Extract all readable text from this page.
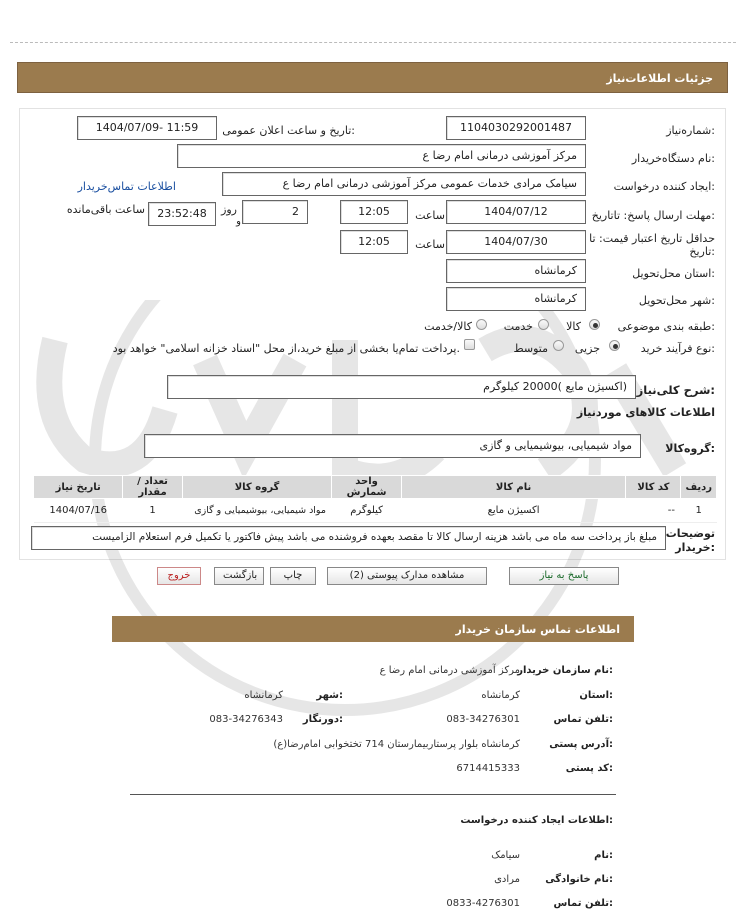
جزئیات اطلاعات‌نیاز
شماره‌نیاز:
1104030292001487
تاریخ و ساعت اعلان عمومی:
1404/07/09- 11:59
نام دستگاه‌خریدار:
مرکز آموزشی درمانی امام رضا ع
ایجاد کننده درخواست:
سیامک مرادی خدمات عمومی مرکز آموزشی درمانی امام رضا ع
اطلاعات تماس‌خریدار
مهلت ارسال پاسخ: تاتاریخ:
1404/07/12
ساعت
12:05
2
روز
و
23:52:48
ساعت باقی‌مانده
حداقل تاریخ اعتبار قیمت: تا
تاریخ:
1404/07/30
ساعت
12:05
استان محل‌تحویل:
کرمانشاه
شهر محل‌تحویل:
کرمانشاه
طبقه بندی موضوعی:
کالا
خدمت
کالا/خدمت
نوع فرآیند خرید:
جزیی
متوسط
پرداخت تمام‌یا بخشی از مبلغ خرید،از محل "اسناد خزانه اسلامی" خواهد بود.
شرح کلی‌نیاز:
اکسیژن مایع )20000 کیلوگرم)
اطلاعات کالاهای موردنیاز
گروه‌کالا:
مواد شیمیایی، بیوشیمیایی و گازی
ردیف	کد کالا	نام کالا	واحد شمارش	گروه کالا	تعداد / مقدار	تاریخ نیاز
1	--	اکسیژن مایع	کیلوگرم	مواد شیمیایی، بیوشیمیایی و گازی	1	1404/07/16
توضیحات
خریدار:
مبلغ باز پرداخت سه ماه می باشد هزینه ارسال کالا تا مقصد بعهده فروشنده می باشد پیش فاکتور یا تکمیل فرم استعلام الزامیست
پاسخ به نیاز
مشاهده مدارک پیوستی (2)
چاپ
بازگشت
خروج
اطلاعات تماس سازمان خریدار
نام سازمان خریدار:
مرکز آموزشی درمانی امام رضا ع
استان:
کرمانشاه
شهر:
کرمانشاه
تلفن تماس:
083-34276301
دورنگار:
083-34276343
آدرس پستی:
کرمانشاه بلوار پرستاربیمارستان 714 تختخوابی امام‌رضا(ع)
کد پستی:
6714415333
اطلاعات ایجاد کننده درخواست:
نام:
سیامک
نام خانوادگی:
مرادی
تلفن تماس:
0833-4276301
